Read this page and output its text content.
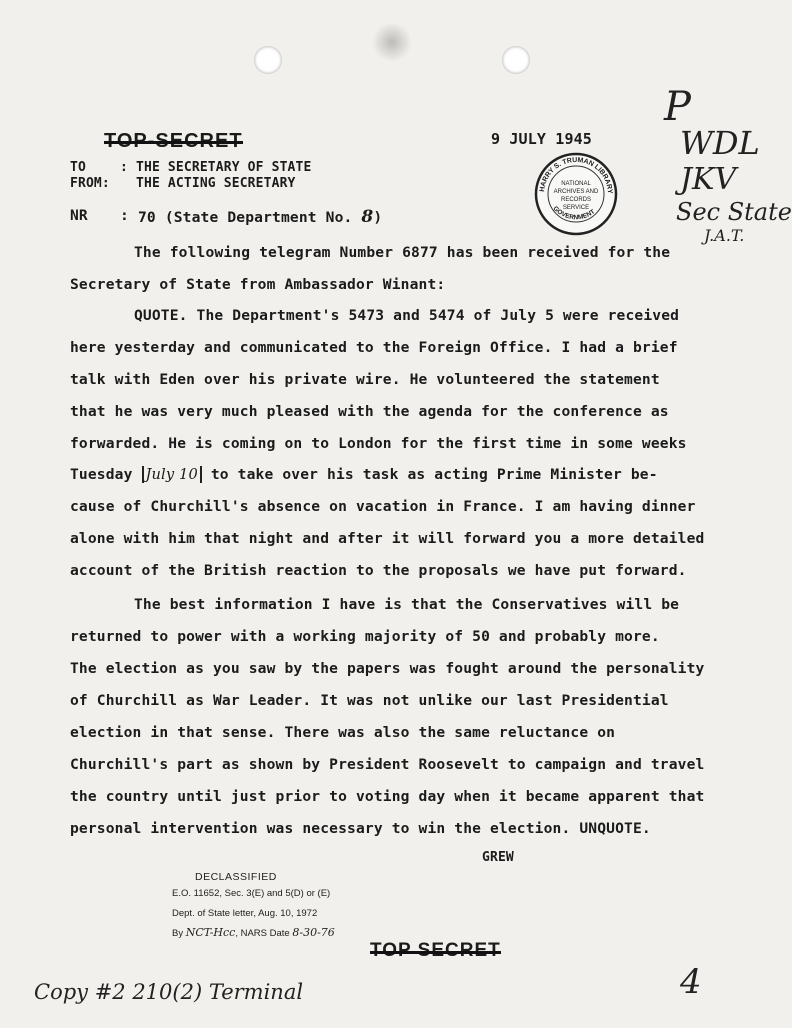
9 JULY 1945
TO	: THE SECRETARY OF STATE
FROM: THE ACTING SECRETARY
NR : 70 (State Department No. 8)
HARRY S. TRUMAN LIBRARY
GOVERNMENT
NATIONAL
ARCHIVES AND
RECORDS
SERVICE
P
WDL
JKV
Sec State
J.A.T.
The following telegram Number 6877 has been received for the
Secretary of State from Ambassador Winant:
QUOTE. The Department's 5473 and 5474 of July 5 were received
here yesterday and communicated to the Foreign Office. I had a brief
talk with Eden over his private wire. He volunteered the statement
that he was very much pleased with the agenda for the conference as
forwarded. He is coming on to London for the first time in some weeks
Tuesday July 10 to take over his task as acting Prime Minister be-
cause of Churchill's absence on vacation in France. I am having dinner
alone with him that night and after it will forward you a more detailed
account of the British reaction to the proposals we have put forward.
The best information I have is that the Conservatives will be
returned to power with a working majority of 50 and probably more.
The election as you saw by the papers was fought around the personality
of Churchill as War Leader. It was not unlike our last Presidential
election in that sense. There was also the same reluctance on
Churchill's part as shown by President Roosevelt to campaign and travel
the country until just prior to voting day when it became apparent that
personal intervention was necessary to win the election. UNQUOTE.
GREW
DECLASSIFIED
E.O. 11652, Sec. 3(E) and 5(D) or (E)
Dept. of State letter, Aug. 10, 1972
By NCT-Hcc, NARS Date 8-30-76
Copy #2 210(2) Terminal	4
